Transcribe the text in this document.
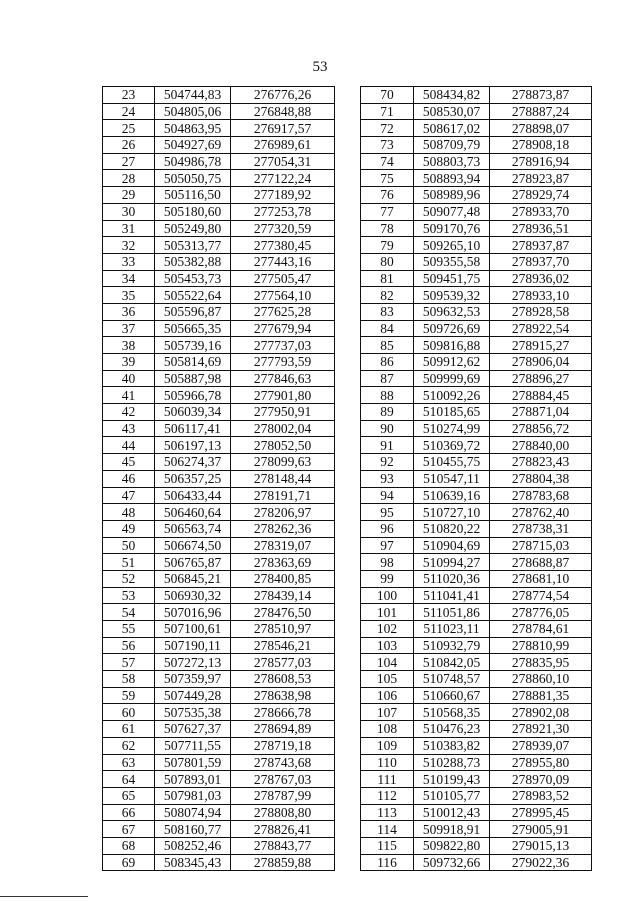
53
23	504744,83	276776,26
24	504805,06	276848,88
25	504863,95	276917,57
26	504927,69	276989,61
27	504986,78	277054,31
28	505050,75	277122,24
29	505116,50	277189,92
30	505180,60	277253,78
31	505249,80	277320,59
32	505313,77	277380,45
33	505382,88	277443,16
34	505453,73	277505,47
35	505522,64	277564,10
36	505596,87	277625,28
37	505665,35	277679,94
38	505739,16	277737,03
39	505814,69	277793,59
40	505887,98	277846,63
41	505966,78	277901,80
42	506039,34	277950,91
43	506117,41	278002,04
44	506197,13	278052,50
45	506274,37	278099,63
46	506357,25	278148,44
47	506433,44	278191,71
48	506460,64	278206,97
49	506563,74	278262,36
50	506674,50	278319,07
51	506765,87	278363,69
52	506845,21	278400,85
53	506930,32	278439,14
54	507016,96	278476,50
55	507100,61	278510,97
56	507190,11	278546,21
57	507272,13	278577,03
58	507359,97	278608,53
59	507449,28	278638,98
60	507535,38	278666,78
61	507627,37	278694,89
62	507711,55	278719,18
63	507801,59	278743,68
64	507893,01	278767,03
65	507981,03	278787,99
66	508074,94	278808,80
67	508160,77	278826,41
68	508252,46	278843,77
69	508345,43	278859,88
70	508434,82	278873,87
71	508530,07	278887,24
72	508617,02	278898,07
73	508709,79	278908,18
74	508803,73	278916,94
75	508893,94	278923,87
76	508989,96	278929,74
77	509077,48	278933,70
78	509170,76	278936,51
79	509265,10	278937,87
80	509355,58	278937,70
81	509451,75	278936,02
82	509539,32	278933,10
83	509632,53	278928,58
84	509726,69	278922,54
85	509816,88	278915,27
86	509912,62	278906,04
87	509999,69	278896,27
88	510092,26	278884,45
89	510185,65	278871,04
90	510274,99	278856,72
91	510369,72	278840,00
92	510455,75	278823,43
93	510547,11	278804,38
94	510639,16	278783,68
95	510727,10	278762,40
96	510820,22	278738,31
97	510904,69	278715,03
98	510994,27	278688,87
99	511020,36	278681,10
100	511041,41	278774,54
101	511051,86	278776,05
102	511023,11	278784,61
103	510932,79	278810,99
104	510842,05	278835,95
105	510748,57	278860,10
106	510660,67	278881,35
107	510568,35	278902,08
108	510476,23	278921,30
109	510383,82	278939,07
110	510288,73	278955,80
111	510199,43	278970,09
112	510105,77	278983,52
113	510012,43	278995,45
114	509918,91	279005,91
115	509822,80	279015,13
116	509732,66	279022,36
